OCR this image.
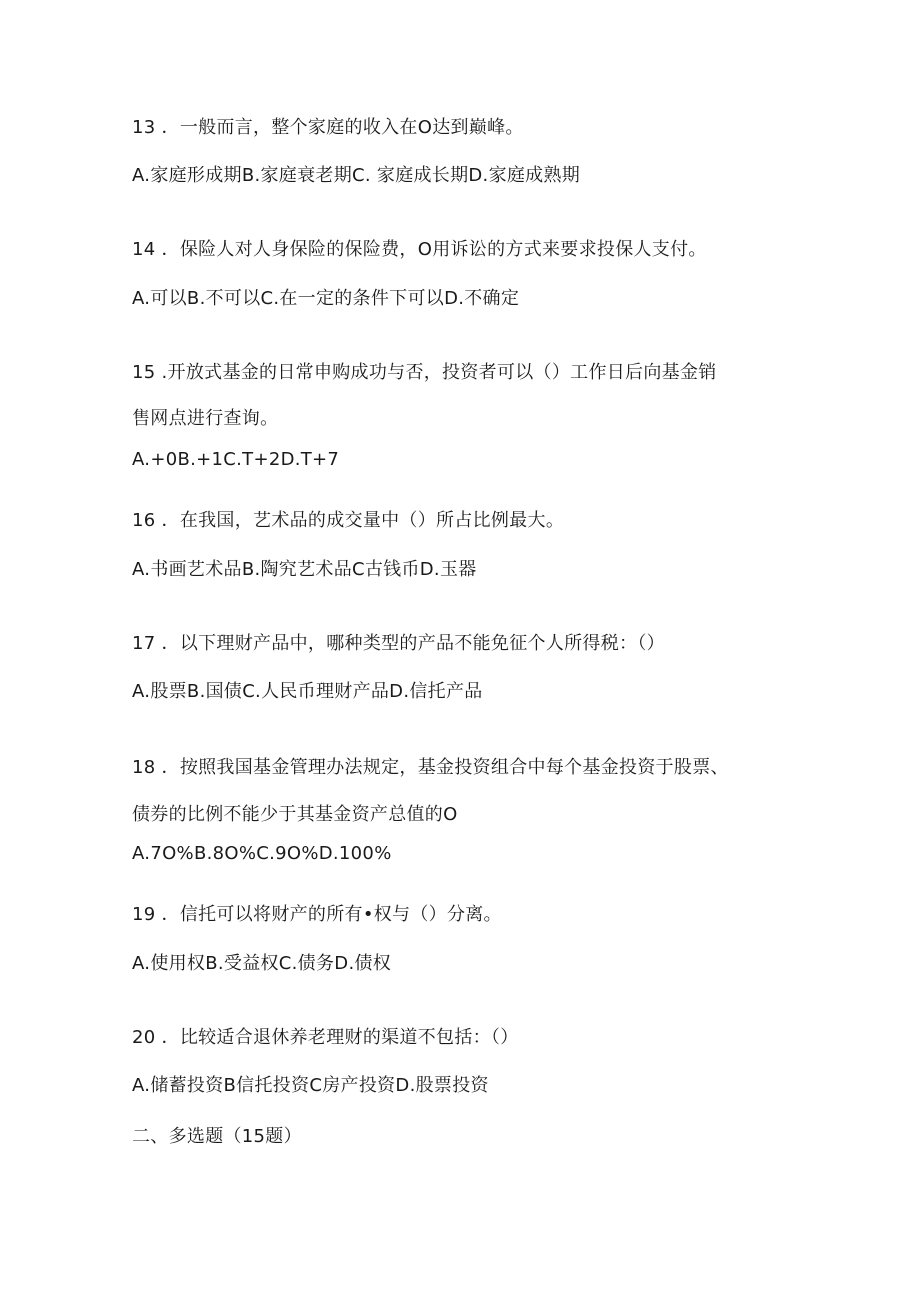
13 ．一般而言，整个家庭的收入在O达到巅峰。
A.家庭形成期B.家庭衰老期C. 家庭成长期D.家庭成熟期
14 ．保险人对人身保险的保险费，O用诉讼的方式来要求投保人支付。
A.可以B.不可以C.在一定的条件下可以D.不确定
15 .开放式基金的日常申购成功与否，投资者可以（）工作日后向基金销
售网点进行查询。
A.+0B.+1C.T+2D.T+7
16 ．在我国，艺术品的成交量中（）所占比例最大。
A.书画艺术品B.陶究艺术品C古钱币D.玉器
17 ．以下理财产品中，哪种类型的产品不能免征个人所得税：（）
A.股票B.国债C.人民币理财产品D.信托产品
18 ．按照我国基金管理办法规定，基金投资组合中每个基金投资于股票、
债券的比例不能少于其基金资产总值的O
A.7O%B.8O%C.9O%D.100%
19 ．信托可以将财产的所有•权与（）分离。
A.使用权B.受益权C.债务D.债权
20 ．比较适合退休养老理财的渠道不包括：（）
A.储蓄投资B信托投资C房产投资D.股票投资
二、多选题（15题）
